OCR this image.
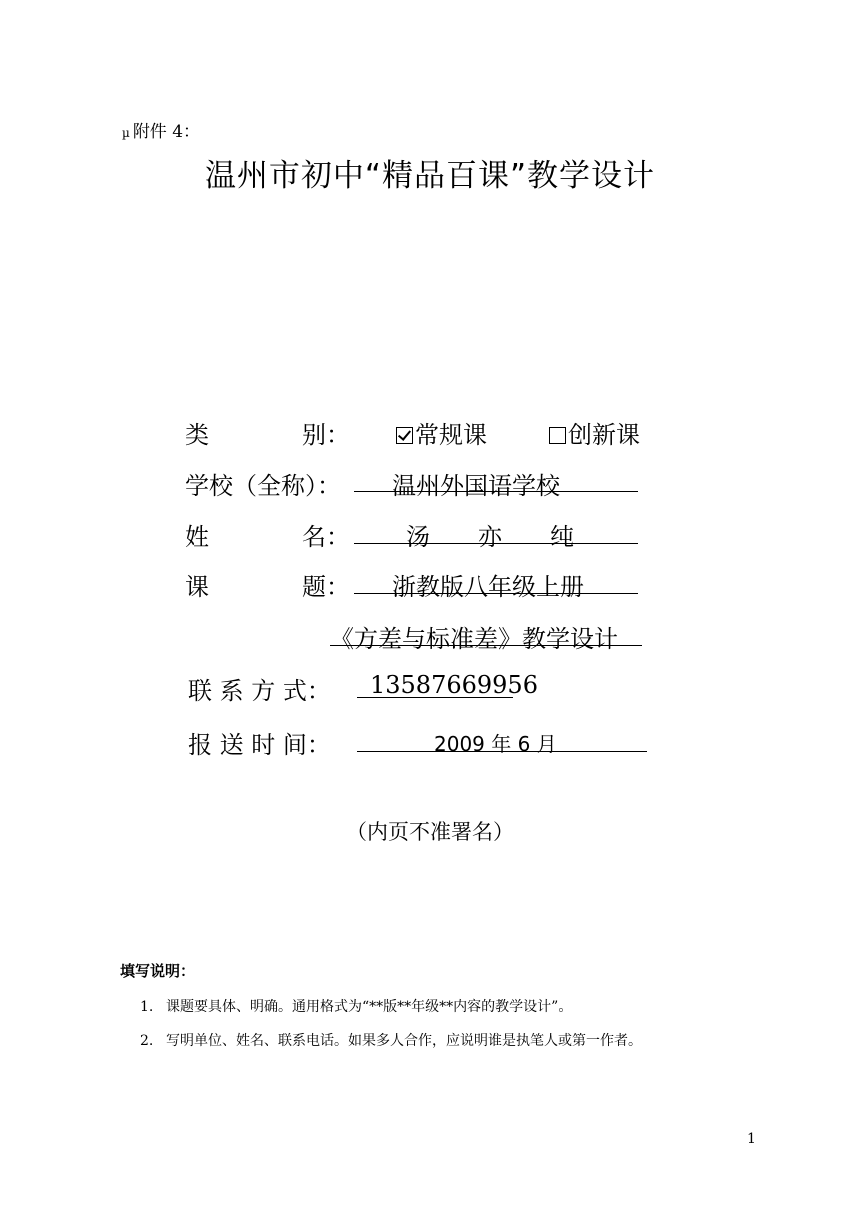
µ 附件 4：
温州市初中“精品百课”教学设计
类	别：	常规课	创新课
学校（全称）： 温州外国语学校
姓	名： 汤　　亦　　纯
课	题： 浙教版八年级上册
《方差与标准差》教学设计
联 系 方 式： 13587669956
报 送 时 间：	2009 年 6 月
（内页不准署名）
填写说明：
1. 课题要具体、明确。通用格式为“**版**年级**内容的教学设计”。
2. 写明单位、姓名、联系电话。如果多人合作，应说明谁是执笔人或第一作者。
1
